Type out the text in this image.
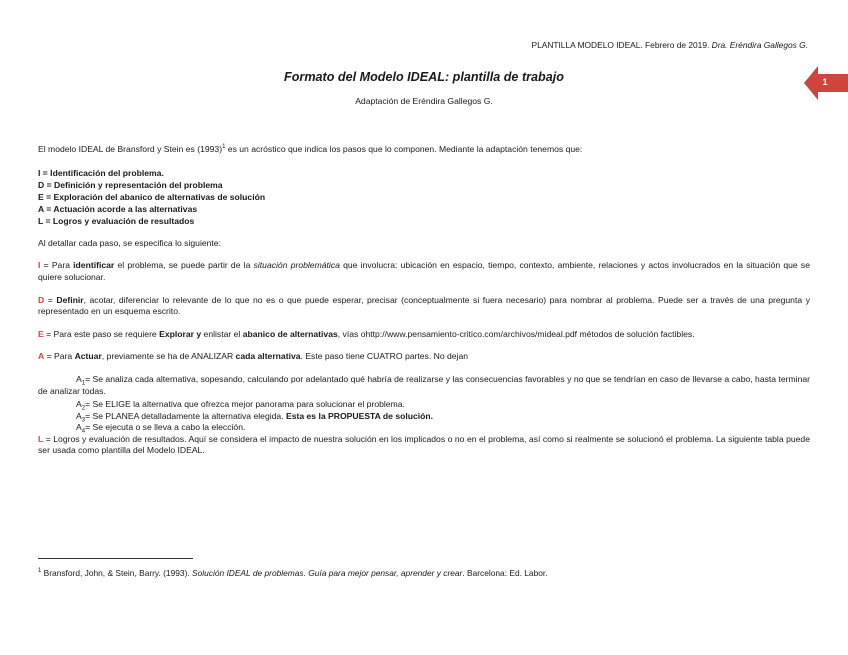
PLANTILLA MODELO IDEAL. Febrero de 2019. Dra. Eréndira Gallegos G.
1
Formato del Modelo IDEAL: plantilla de trabajo
Adaptación de Eréndira Gallegos G.

El modelo IDEAL de Bransford y Stein es $(1993)^1$ es un acróstico que indica los pasos que lo componen. Mediante la adaptación tenemos que:

I = Identificación del problema.

D = Definición y representación del problema

E = Exploración del abanico de alternativas de solución

A = Actuación acorde a las alternativas

L = Logros y evaluación de resultados

Al detallar cada paso, se especifica lo siguiente:

I = Para identificar el problema, se puede partir de la situación problemática que involucra: ubicación en espacio, tiempo, contexto, ambiente, relaciones y actos involucrados en la situación que se quiere solucionar.

D = Definir, acotar, diferenciar lo relevante de lo que no es o que puede esperar, precisar (conceptualmente si fuera necesario) para nombrar al problema. Puede ser a través de una pregunta y representado en un esquema escrito.

E = Para este paso se requiere Explorar y enlistar el abanico de alternativas, vías ohttp://www.pensamiento-critico.com/archivos/mideal.pdf métodos de solución factibles.

A = Para Actuar, previamente se ha de ANALIZAR cada alternativa. Este paso tiene CUATRO partes. No dejan

$A_1= Se$ analiza cada alternativa, sopesando, calculando por adelantado qué habría de realizarse y las consecuencias favorables y no que se tendrían en caso de llevarse a cabo, hasta terminar de analizar todas.

$A_2= Se$ ELIGE la alternativa que ofrezca mejor panorama para solucionar el problema.

$A_3= Se$ PLANEA detalladamente la alternativa elegida. Esta es la PROPUESTA de solución.

$A_4= Se$ ejecuta o se lleva a cabo la elección.

L = Logros y evaluación de resultados. Aquí se considera el impacto de nuestra solución en los implicados o no en el problema, así como si realmente se solucionó el problema. La siguiente tabla puede ser usada como plantilla del Modelo IDEAL.

$^1$ Bransford, John, & Stein, Barry. (1993). Solución IDEAL de problemas. Guía para mejor pensar, aprender y crear. Barcelona: Ed. Labor.
